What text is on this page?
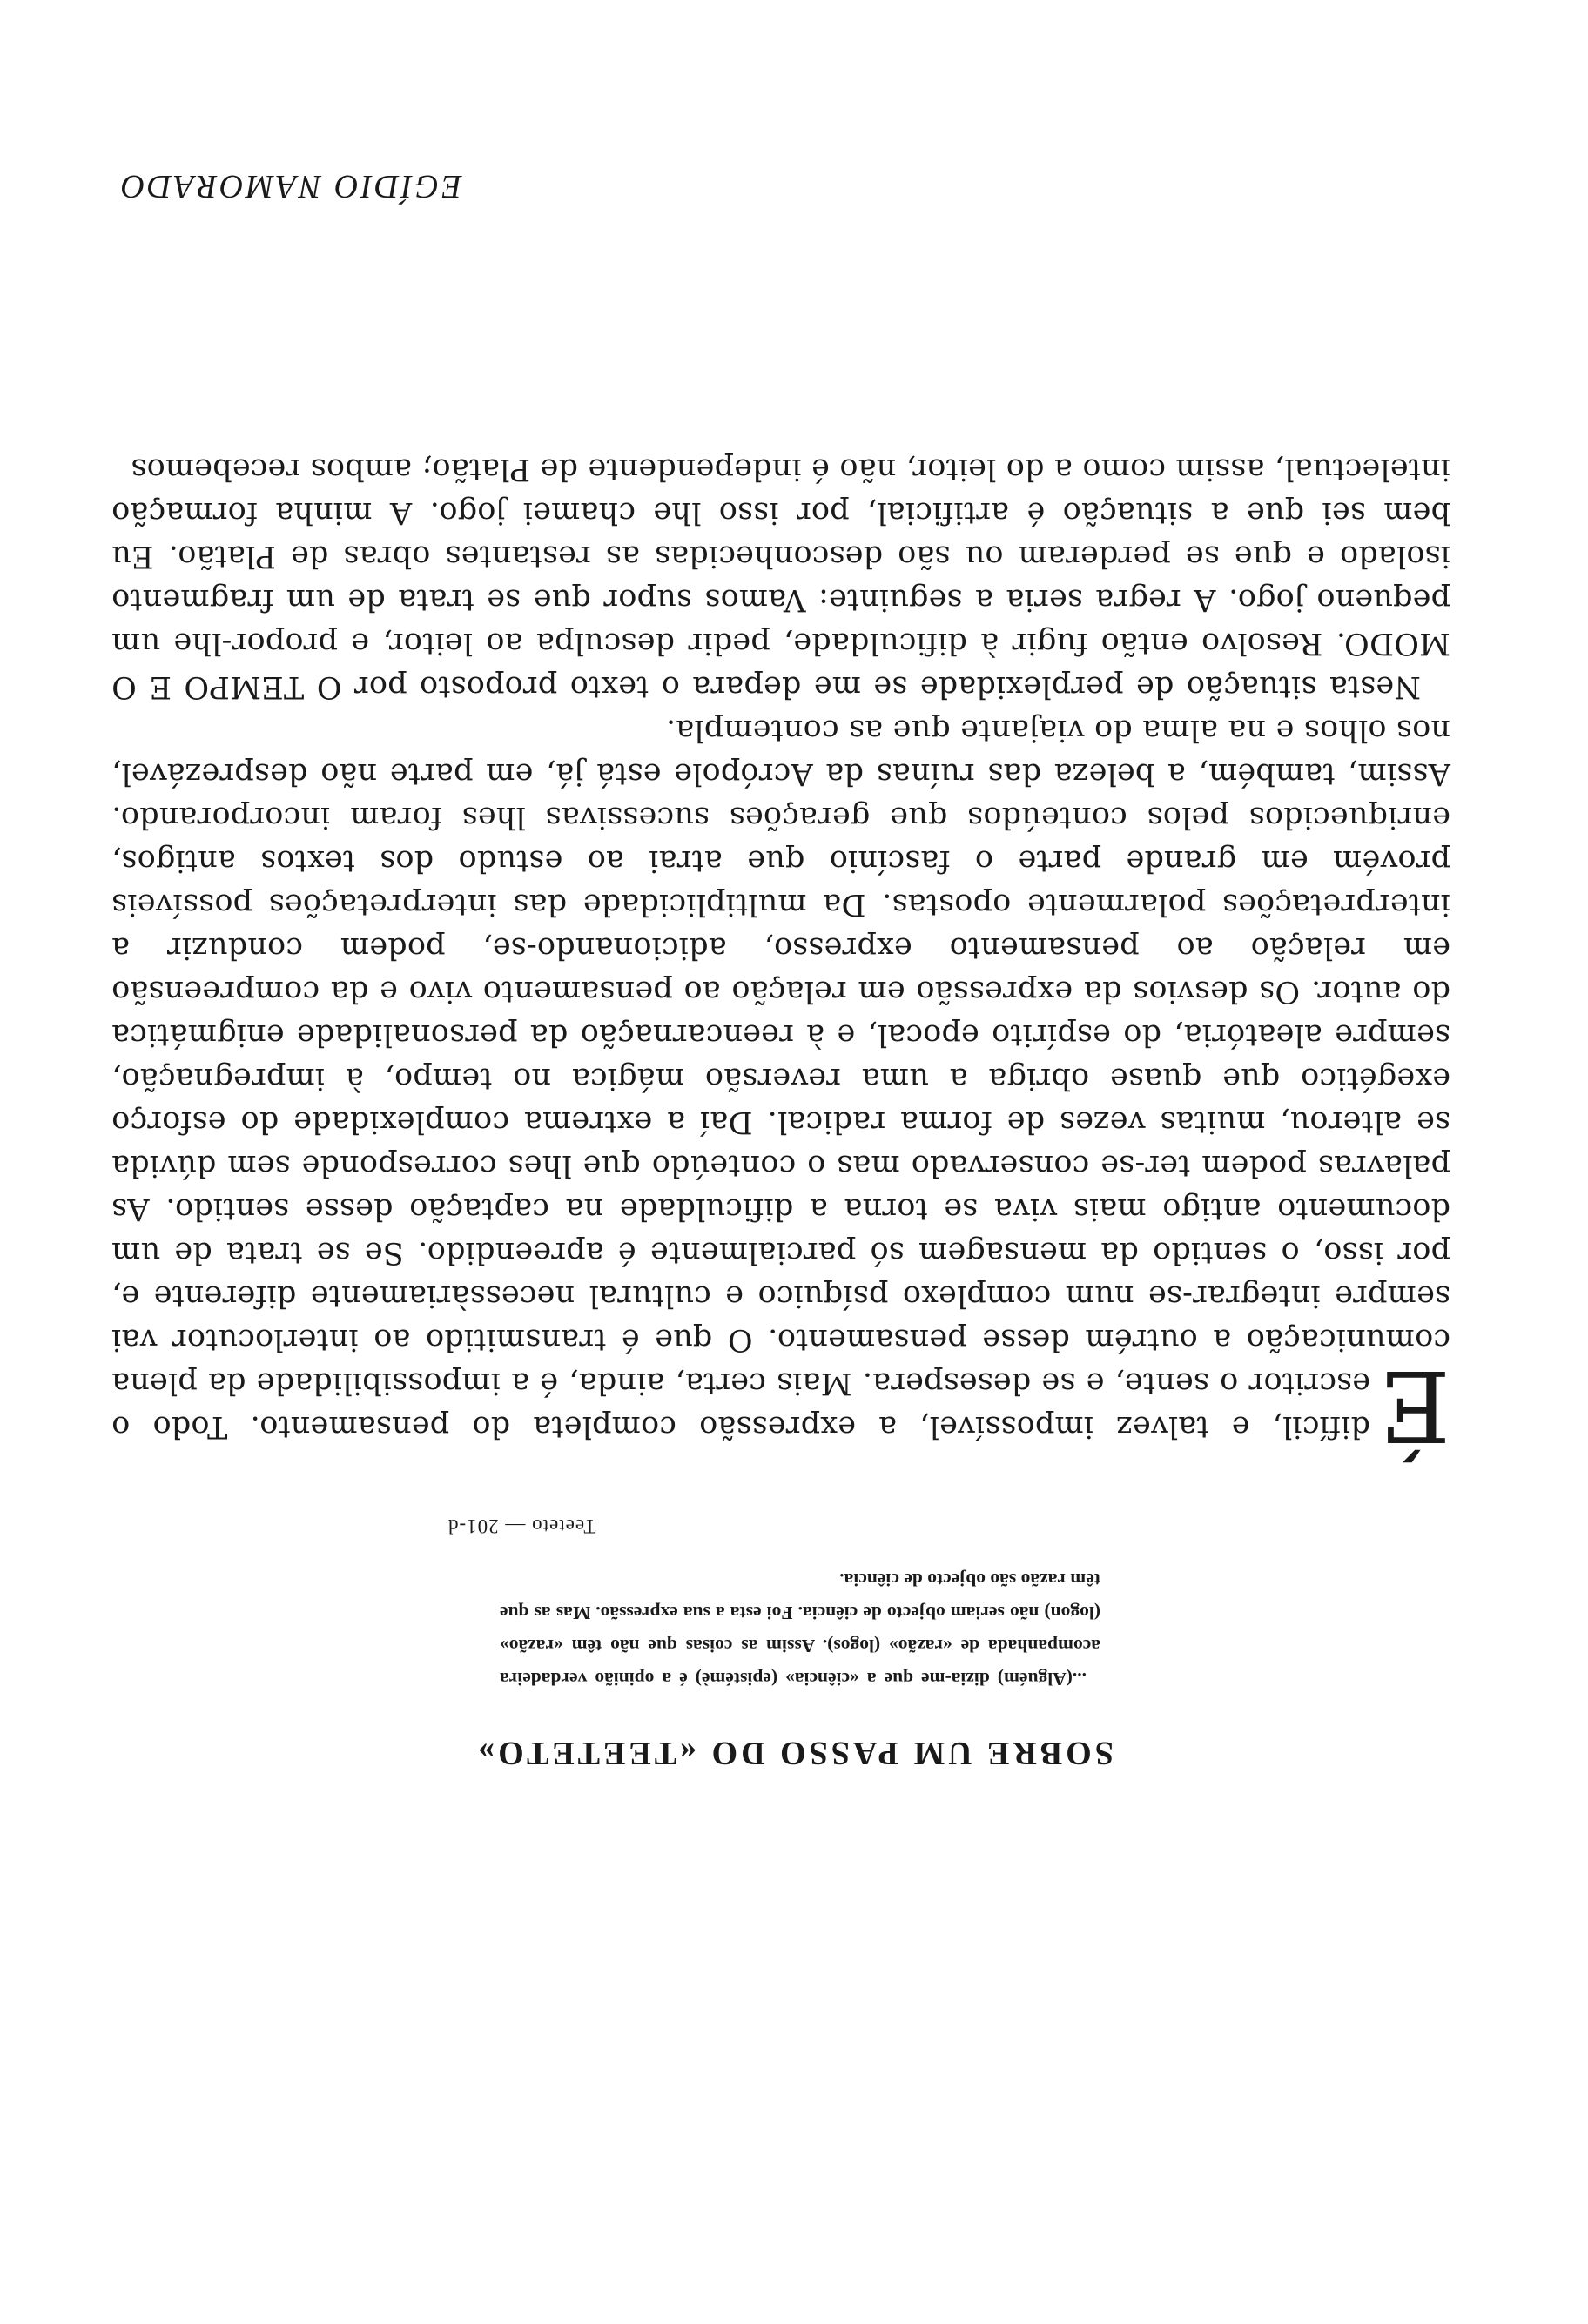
SOBRE UM PASSO DO «TEETETO»

...(Alguém) dizia-me que a «ciência» (epistémè) é a opinião verdadeira acompanhada de «razão» (logos). Assim as coisas que não têm «razão» (logon) não seriam objecto de ciência. Foi esta a sua expressão. Mas as que têm razão são objecto de ciência.

Teeteto — 201-d

É
difícil, e talvez impossível, a expressão completa do pensamento. Todo o escritor o sente, e se desespera. Mais certa, ainda, é a impossibilidade da plena comunicação a outrém desse pensamento. O que é transmitido ao interlocutor vai sempre integrar-se num complexo psíquico e cultural necessàriamente diferente e, por isso, o sentido da mensagem só parcialmente é apreendido. Se se trata de um documento antigo mais viva se torna a dificuldade na captação desse sentido. As palavras podem ter-se conservado mas o conteúdo que lhes corresponde sem dúvida se alterou, muitas vezes de forma radical. Daí a extrema complexidade do esforço exegético que quase obriga a uma reversão mágica no tempo, à impregnação, sempre aleatória, do espírito epocal, e à reencarnação da personalidade enigmática do autor. Os desvios da expressão em relação ao pensamento vivo e da compreensão em relação ao pensamento expresso, adicionando-se, podem conduzir a interpretações polarmente opostas. Da multiplicidade das interpretações possíveis provém em grande parte o fascínio que atrai ao estudo dos textos antigos, enriquecidos pelos conteúdos que gerações sucessivas lhes foram incorporando. Assim, também, a beleza das ruínas da Acrópole está já, em parte não desprezável, nos olhos e na alma do viajante que as contempla.

Nesta situação de perplexidade se me depara o texto proposto por O TEMPO E O MODO. Resolvo então fugir à dificuldade, pedir desculpa ao leitor, e propor-lhe um pequeno jogo. A regra seria a seguinte: Vamos supor que se trata de um fragmento isolado e que se perderam ou são desconhecidas as restantes obras de Platão. Eu bem sei que a situação é artificial, por isso lhe chamei jogo. A minha formação intelectual, assim como a do leitor, não é independente de Platão; ambos recebemos

EGÍDIO NAMORADO
